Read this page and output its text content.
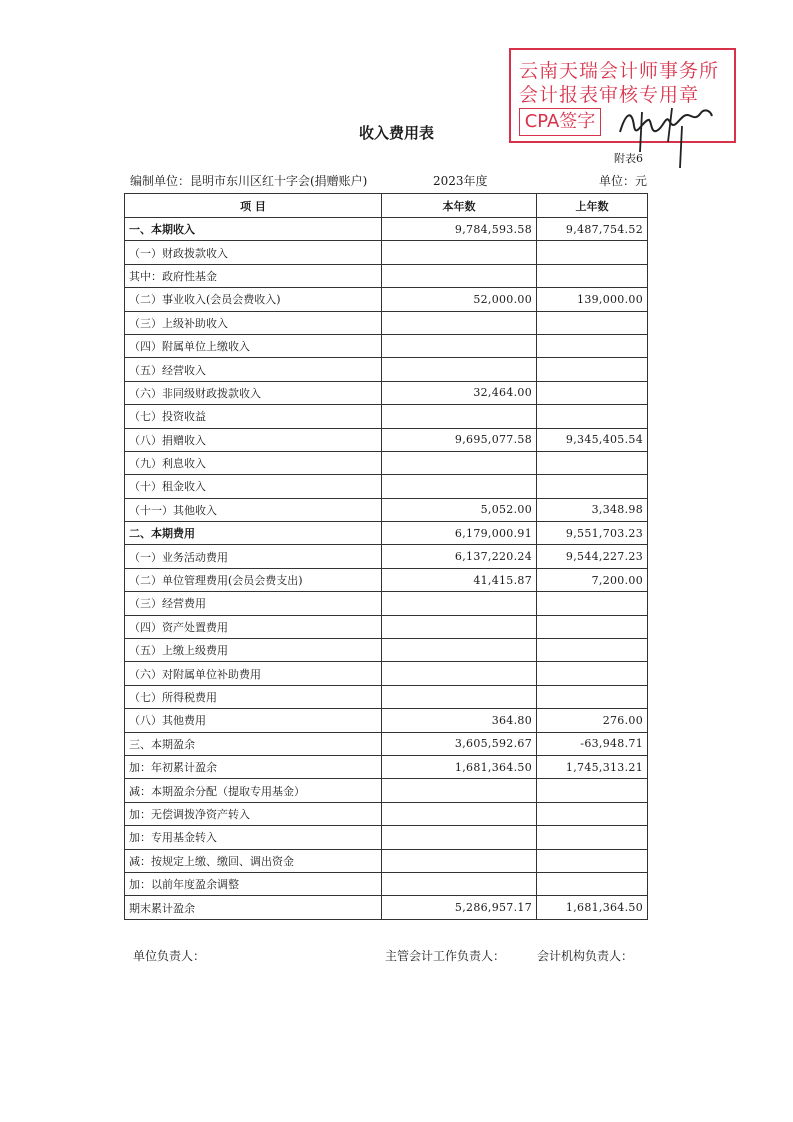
云南天瑞会计师事务所
会计报表审核专用章
CPA签字
收入费用表
附表6
编制单位：昆明市东川区红十字会(捐赠账户)	2023年度	单位：元
项 目	本年数	上年数
一、本期收入	9,784,593.58	9,487,754.52
（一）财政拨款收入		
其中：政府性基金		
（二）事业收入(会员会费收入)	52,000.00	139,000.00
（三）上级补助收入		
（四）附属单位上缴收入		
（五）经营收入		
（六）非同级财政拨款收入	32,464.00	
（七）投资收益		
（八）捐赠收入	9,695,077.58	9,345,405.54
（九）利息收入		
（十）租金收入		
（十一）其他收入	5,052.00	3,348.98
二、本期费用	6,179,000.91	9,551,703.23
（一）业务活动费用	6,137,220.24	9,544,227.23
（二）单位管理费用(会员会费支出)	41,415.87	7,200.00
（三）经营费用		
（四）资产处置费用		
（五）上缴上级费用		
（六）对附属单位补助费用		
（七）所得税费用		
（八）其他费用	364.80	276.00
三、本期盈余	3,605,592.67	-63,948.71
加：年初累计盈余	1,681,364.50	1,745,313.21
减：本期盈余分配（提取专用基金）		
加：无偿调拨净资产转入		
加：专用基金转入		
减：按规定上缴、缴回、调出资金		
加：以前年度盈余调整		
期末累计盈余	5,286,957.17	1,681,364.50
单位负责人：	主管会计工作负责人：	会计机构负责人：
